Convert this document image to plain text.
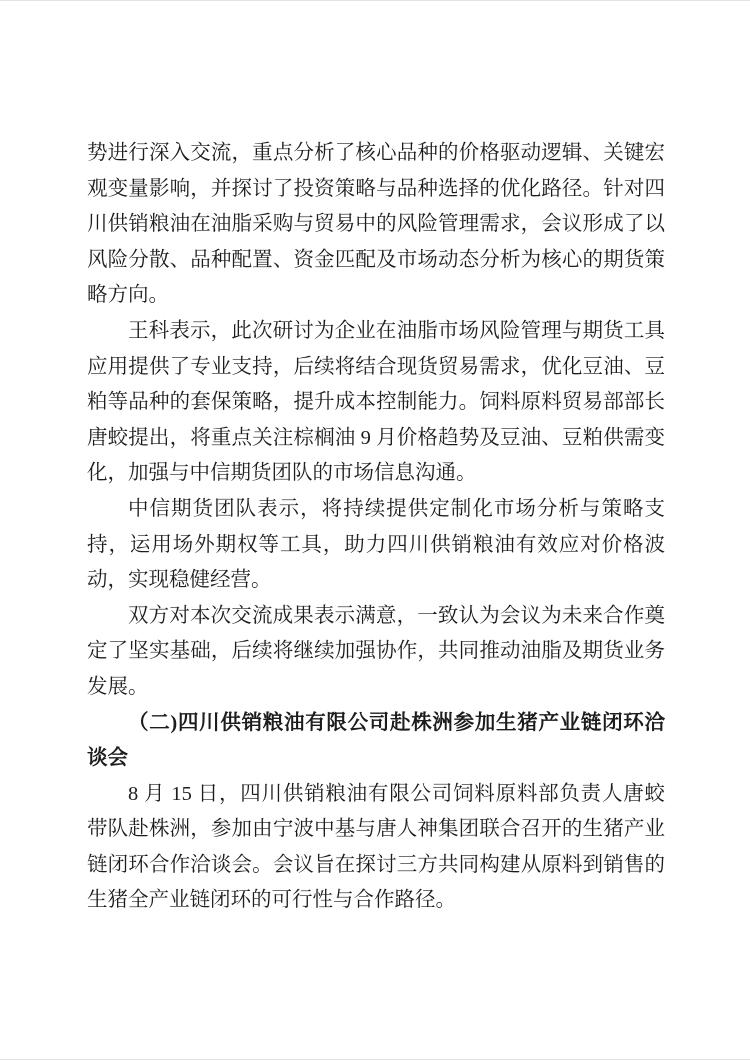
势进行深入交流，重点分析了核心品种的价格驱动逻辑、关键宏观变量影响，并探讨了投资策略与品种选择的优化路径。针对四川供销粮油在油脂采购与贸易中的风险管理需求，会议形成了以风险分散、品种配置、资金匹配及市场动态分析为核心的期货策略方向。

王科表示，此次研讨为企业在油脂市场风险管理与期货工具应用提供了专业支持，后续将结合现货贸易需求，优化豆油、豆粕等品种的套保策略，提升成本控制能力。饲料原料贸易部部长唐蛟提出，将重点关注棕榈油 9 月价格趋势及豆油、豆粕供需变化，加强与中信期货团队的市场信息沟通。

中信期货团队表示，将持续提供定制化市场分析与策略支持，运用场外期权等工具，助力四川供销粮油有效应对价格波动，实现稳健经营。

双方对本次交流成果表示满意，一致认为会议为未来合作奠定了坚实基础，后续将继续加强协作，共同推动油脂及期货业务发展。

（二)四川供销粮油有限公司赴株洲参加生猪产业链闭环洽谈会

8 月 15 日，四川供销粮油有限公司饲料原料部负责人唐蛟带队赴株洲，参加由宁波中基与唐人神集团联合召开的生猪产业链闭环合作洽谈会。会议旨在探讨三方共同构建从原料到销售的生猪全产业链闭环的可行性与合作路径。
